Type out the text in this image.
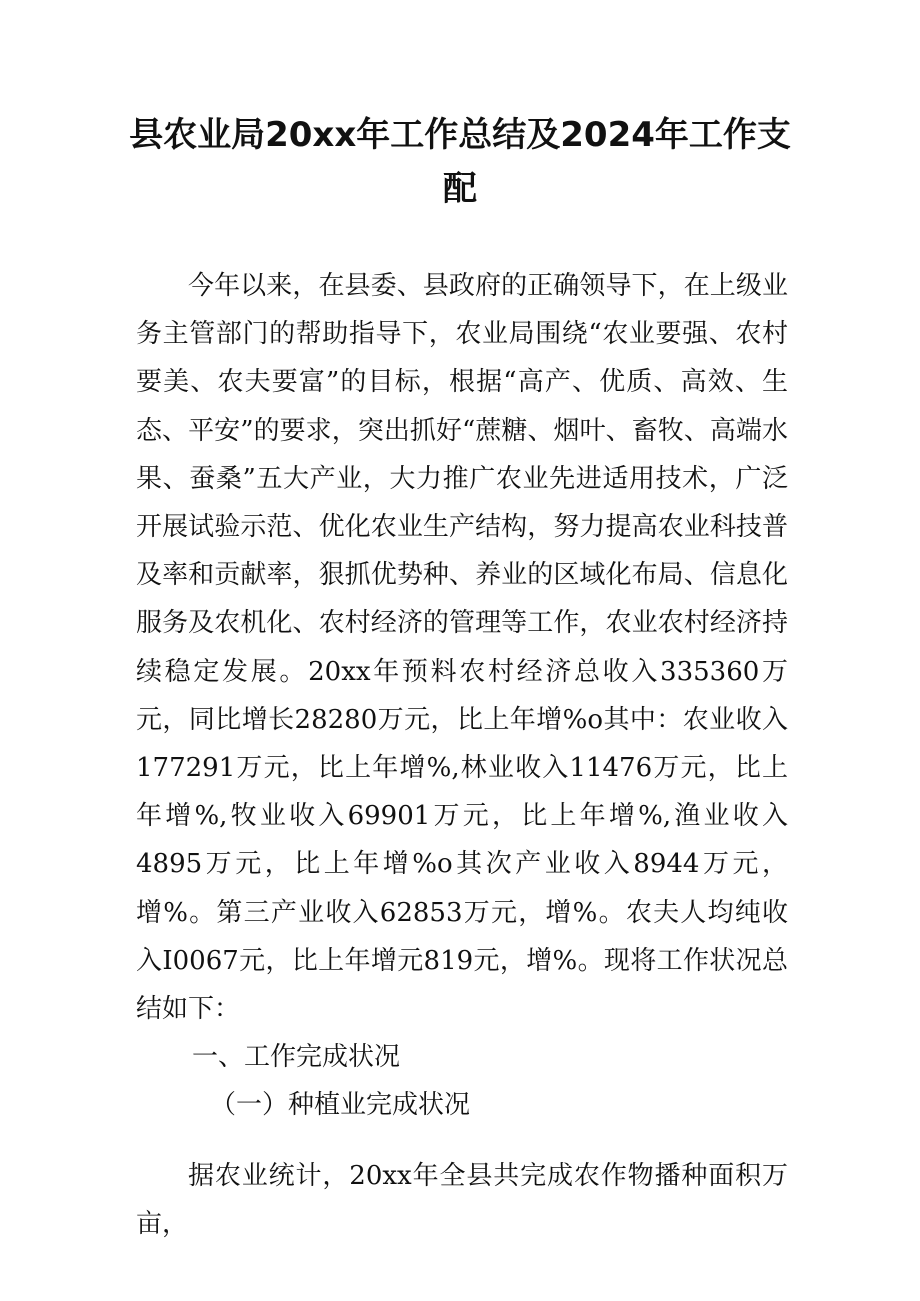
县农业局20xx年工作总结及2024年工作支配

今年以来，在县委、县政府的正确领导下，在上级业务主管部门的帮助指导下，农业局围绕“农业要强、农村要美、农夫要富”的目标，根据“高产、优质、高效、生态、平安”的要求，突出抓好“蔗糖、烟叶、畜牧、高端水果、蚕桑”五大产业，大力推广农业先进适用技术，广泛开展试验示范、优化农业生产结构，努力提高农业科技普及率和贡献率，狠抓优势种、养业的区域化布局、信息化服务及农机化、农村经济的管理等工作，农业农村经济持续稳定发展。20xx年预料农村经济总收入335360万元，同比增长28280万元，比上年增%o其中：农业收入177291万元，比上年增%,林业收入11476万元，比上年增%,牧业收入69901万元，比上年增%,渔业收入4895万元，比上年增%o其次产业收入8944万元，增%。第三产业收入62853万元，增%。农夫人均纯收入I0067元，比上年增元819元，增%。现将工作状况总结如下：

一、工作完成状况

（一）种植业完成状况

据农业统计，20xx年全县共完成农作物播种面积万亩，
